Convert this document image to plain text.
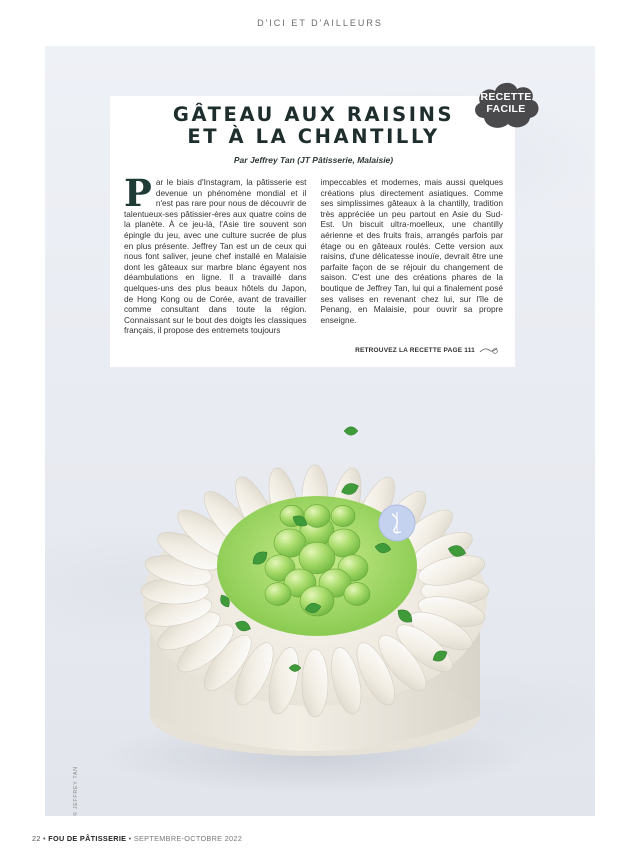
D'ICI ET D'AILLEURS
© JEFFREY TAN
GÂTEAU AUX RAISINS
ET À LA CHANTILLY
Par Jeffrey Tan (JT Pâtisserie, Malaisie)
Par le biais d'Instagram, la pâtisserie est devenue un phénomène mondial et il n'est pas rare pour nous de découvrir de talentueux-ses pâtissier-ères aux quatre coins de la planète. À ce jeu-là, l'Asie tire souvent son épingle du jeu, avec une culture sucrée de plus en plus présente. Jeffrey Tan est un de ceux qui nous font saliver, jeune chef installé en Malaisie dont les gâteaux sur marbre blanc égayent nos déambulations en ligne. Il a travaillé dans quelques-uns des plus beaux hôtels du Japon, de Hong Kong ou de Corée, avant de travailler comme consultant dans toute la région. Connaissant sur le bout des doigts les classiques français, il propose des entremets toujours
impeccables et modernes, mais aussi quelques créations plus directement asiatiques. Comme ses simplissimes gâteaux à la chantilly, tradition très appréciée un peu partout en Asie du Sud-Est. Un biscuit ultra-moelleux, une chantilly aérienne et des fruits frais, arrangés parfois par étage ou en gâteaux roulés. Cette version aux raisins, d'une délicatesse inouïe, devrait être une parfaite façon de se réjouir du changement de saison. C'est une des créations phares de la boutique de Jeffrey Tan, lui qui a finalement posé ses valises en revenant chez lui, sur l'île de Penang, en Malaisie, pour ouvrir sa propre enseigne.
RETROUVEZ LA RECETTE PAGE 111
RECETTE
FACILE
22 • FOU DE PÂTISSERIE • SEPTEMBRE-OCTOBRE 2022
